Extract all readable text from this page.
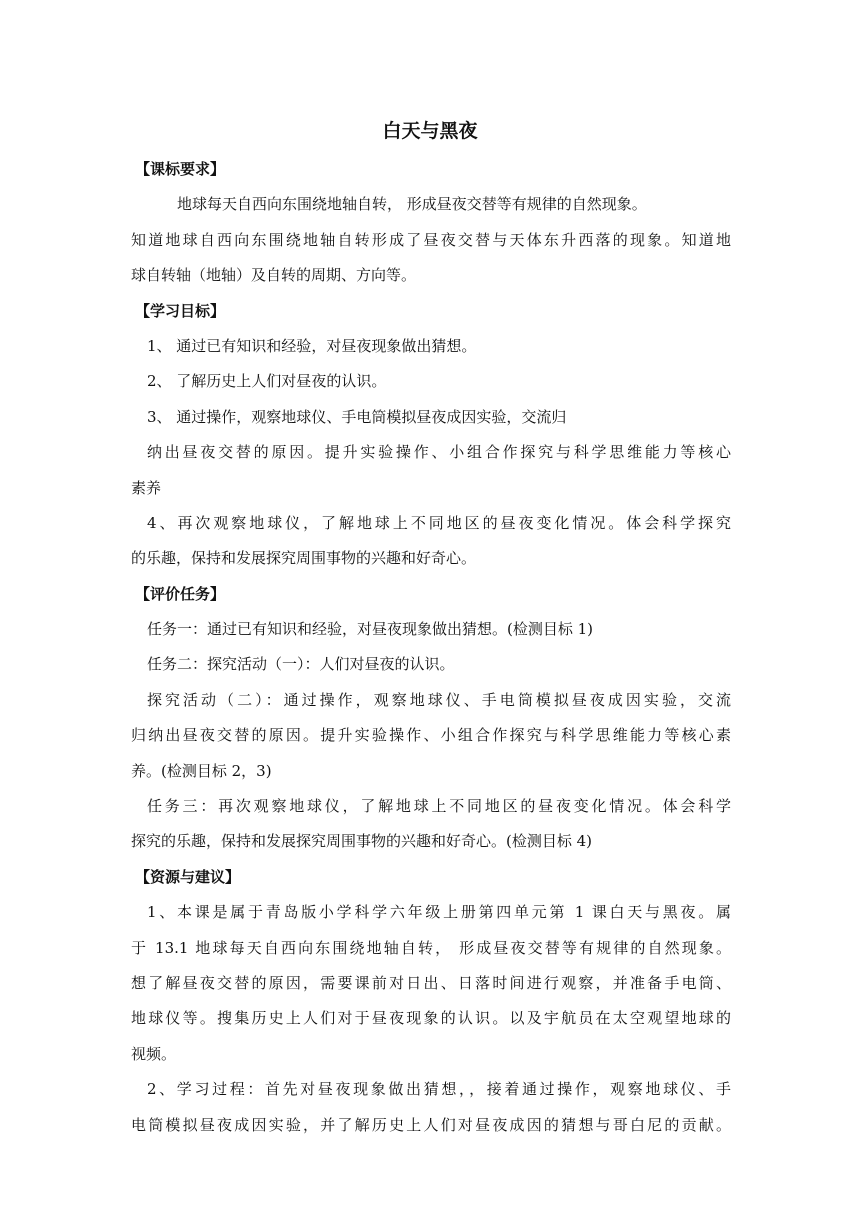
白天与黑夜
【课标要求】
地球每天自西向东围绕地轴自转， 形成昼夜交替等有规律的自然现象。
知道地球自西向东围绕地轴自转形成了昼夜交替与天体东升西落的现象。知道地
球自转轴（地轴）及自转的周期、方向等。
【学习目标】
1、 通过已有知识和经验，对昼夜现象做出猜想。
2、 了解历史上人们对昼夜的认识。
3、 通过操作，观察地球仪、手电筒模拟昼夜成因实验，交流归
纳出昼夜交替的原因。提升实验操作、小组合作探究与科学思维能力等核心
素养
4、再次观察地球仪，了解地球上不同地区的昼夜变化情况。体会科学探究
的乐趣，保持和发展探究周围事物的兴趣和好奇心。
【评价任务】
任务一：通过已有知识和经验，对昼夜现象做出猜想。(检测目标 1)
任务二：探究活动（一）：人们对昼夜的认识。
探究活动（二）：通过操作，观察地球仪、手电筒模拟昼夜成因实验，交流
归纳出昼夜交替的原因。提升实验操作、小组合作探究与科学思维能力等核心素
养。(检测目标 2，3)
任务三：再次观察地球仪，了解地球上不同地区的昼夜变化情况。体会科学
探究的乐趣，保持和发展探究周围事物的兴趣和好奇心。(检测目标 4)
【资源与建议】
1、本课是属于青岛版小学科学六年级上册第四单元第 1 课白天与黑夜。属
于 13.1 地球每天自西向东围绕地轴自转， 形成昼夜交替等有规律的自然现象。
想了解昼夜交替的原因，需要课前对日出、日落时间进行观察，并准备手电筒、
地球仪等。搜集历史上人们对于昼夜现象的认识。以及宇航员在太空观望地球的
视频。
2、学习过程：首先对昼夜现象做出猜想，，接着通过操作，观察地球仪、手
电筒模拟昼夜成因实验，并了解历史上人们对昼夜成因的猜想与哥白尼的贡献。
